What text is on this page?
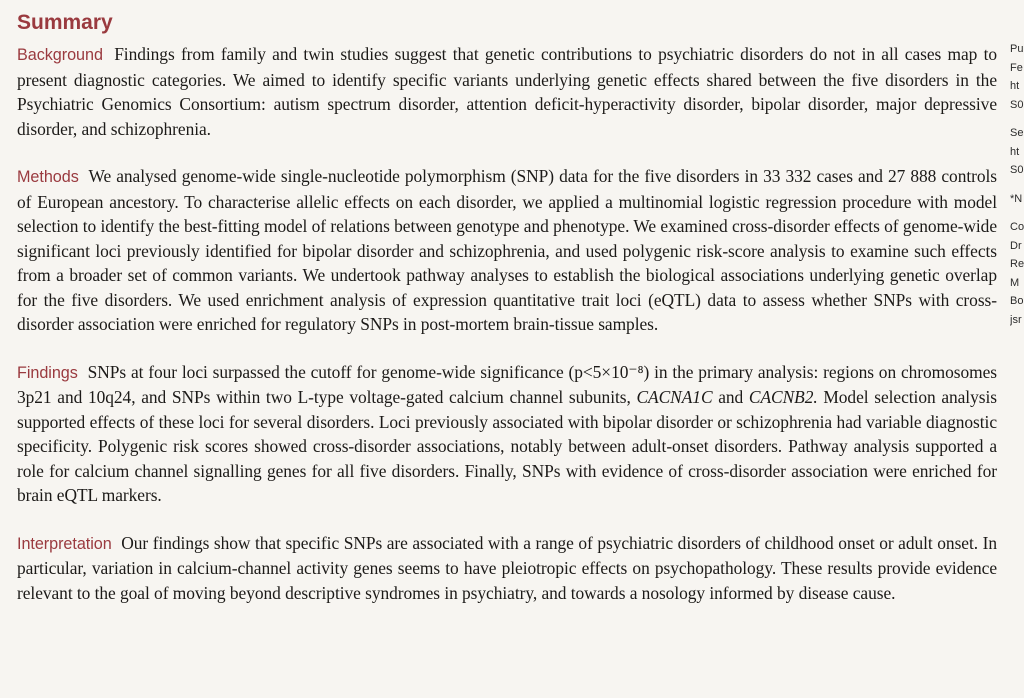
Summary

Background Findings from family and twin studies suggest that genetic contributions to psychiatric disorders do not in all cases map to present diagnostic categories. We aimed to identify specific variants underlying genetic effects shared between the five disorders in the Psychiatric Genomics Consortium: autism spectrum disorder, attention deficit-hyperactivity disorder, bipolar disorder, major depressive disorder, and schizophrenia.

Methods We analysed genome-wide single-nucleotide polymorphism (SNP) data for the five disorders in 33 332 cases and 27 888 controls of European ancestory. To characterise allelic effects on each disorder, we applied a multinomial logistic regression procedure with model selection to identify the best-fitting model of relations between genotype and phenotype. We examined cross-disorder effects of genome-wide significant loci previously identified for bipolar disorder and schizophrenia, and used polygenic risk-score analysis to examine such effects from a broader set of common variants. We undertook pathway analyses to establish the biological associations underlying genetic overlap for the five disorders. We used enrichment analysis of expression quantitative trait loci (eQTL) data to assess whether SNPs with cross-disorder association were enriched for regulatory SNPs in post-mortem brain-tissue samples.

Findings SNPs at four loci surpassed the cutoff for genome-wide significance (p<5×10⁻⁸) in the primary analysis: regions on chromosomes 3p21 and 10q24, and SNPs within two L-type voltage-gated calcium channel subunits, CACNA1C and CACNB2. Model selection analysis supported effects of these loci for several disorders. Loci previously associated with bipolar disorder or schizophrenia had variable diagnostic specificity. Polygenic risk scores showed cross-disorder associations, notably between adult-onset disorders. Pathway analysis supported a role for calcium channel signalling genes for all five disorders. Finally, SNPs with evidence of cross-disorder association were enriched for brain eQTL markers.

Interpretation Our findings show that specific SNPs are associated with a range of psychiatric disorders of childhood onset or adult onset. In particular, variation in calcium-channel activity genes seems to have pleiotropic effects on psychopathology. These results provide evidence relevant to the goal of moving beyond descriptive syndromes in psychiatry, and towards a nosology informed by disease cause.

Pu
Fe
ht
S0
Se
ht
S0
*N
Co
Dr
Re
M
Bo
jsr
